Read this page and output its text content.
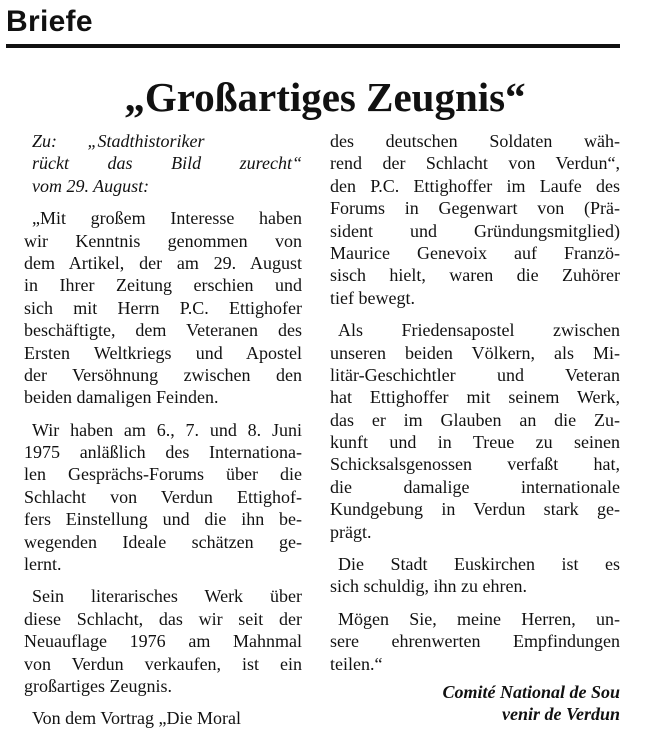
Briefe
„Großartiges Zeugnis“
Zu: „Stadthistoriker
rückt das Bild zurecht“
vom 29. August:
„Mit großem Interesse haben
wir Kenntnis genommen von
dem Artikel, der am 29. August
in Ihrer Zeitung erschien und
sich mit Herrn P.C. Ettighofer
beschäftigte, dem Veteranen des
Ersten Weltkriegs und Apostel
der Versöhnung zwischen den
beiden damaligen Feinden.
Wir haben am 6., 7. und 8. Juni
1975 anläßlich des Internationa-
len Gesprächs-Forums über die
Schlacht von Verdun Ettighof-
fers Einstellung und die ihn be-
wegenden Ideale schätzen ge-
lernt.
Sein literarisches Werk über
diese Schlacht, das wir seit der
Neuauflage 1976 am Mahnmal
von Verdun verkaufen, ist ein
großartiges Zeugnis.
Von dem Vortrag „Die Moral
des deutschen Soldaten wäh-
rend der Schlacht von Verdun“,
den P.C. Ettighoffer im Laufe des
Forums in Gegenwart von (Prä-
sident und Gründungsmitglied)
Maurice Genevoix auf Franzö-
sisch hielt, waren die Zuhörer
tief bewegt.
Als Friedensapostel zwischen
unseren beiden Völkern, als Mi-
litär-Geschichtler und Veteran
hat Ettighoffer mit seinem Werk,
das er im Glauben an die Zu-
kunft und in Treue zu seinen
Schicksalsgenossen verfaßt hat,
die damalige internationale
Kundgebung in Verdun stark ge-
prägt.
Die Stadt Euskirchen ist es
sich schuldig, ihn zu ehren.
Mögen Sie, meine Herren, un-
sere ehrenwerten Empfindungen
teilen.“
Comité National de Sou
venir de Verdun
